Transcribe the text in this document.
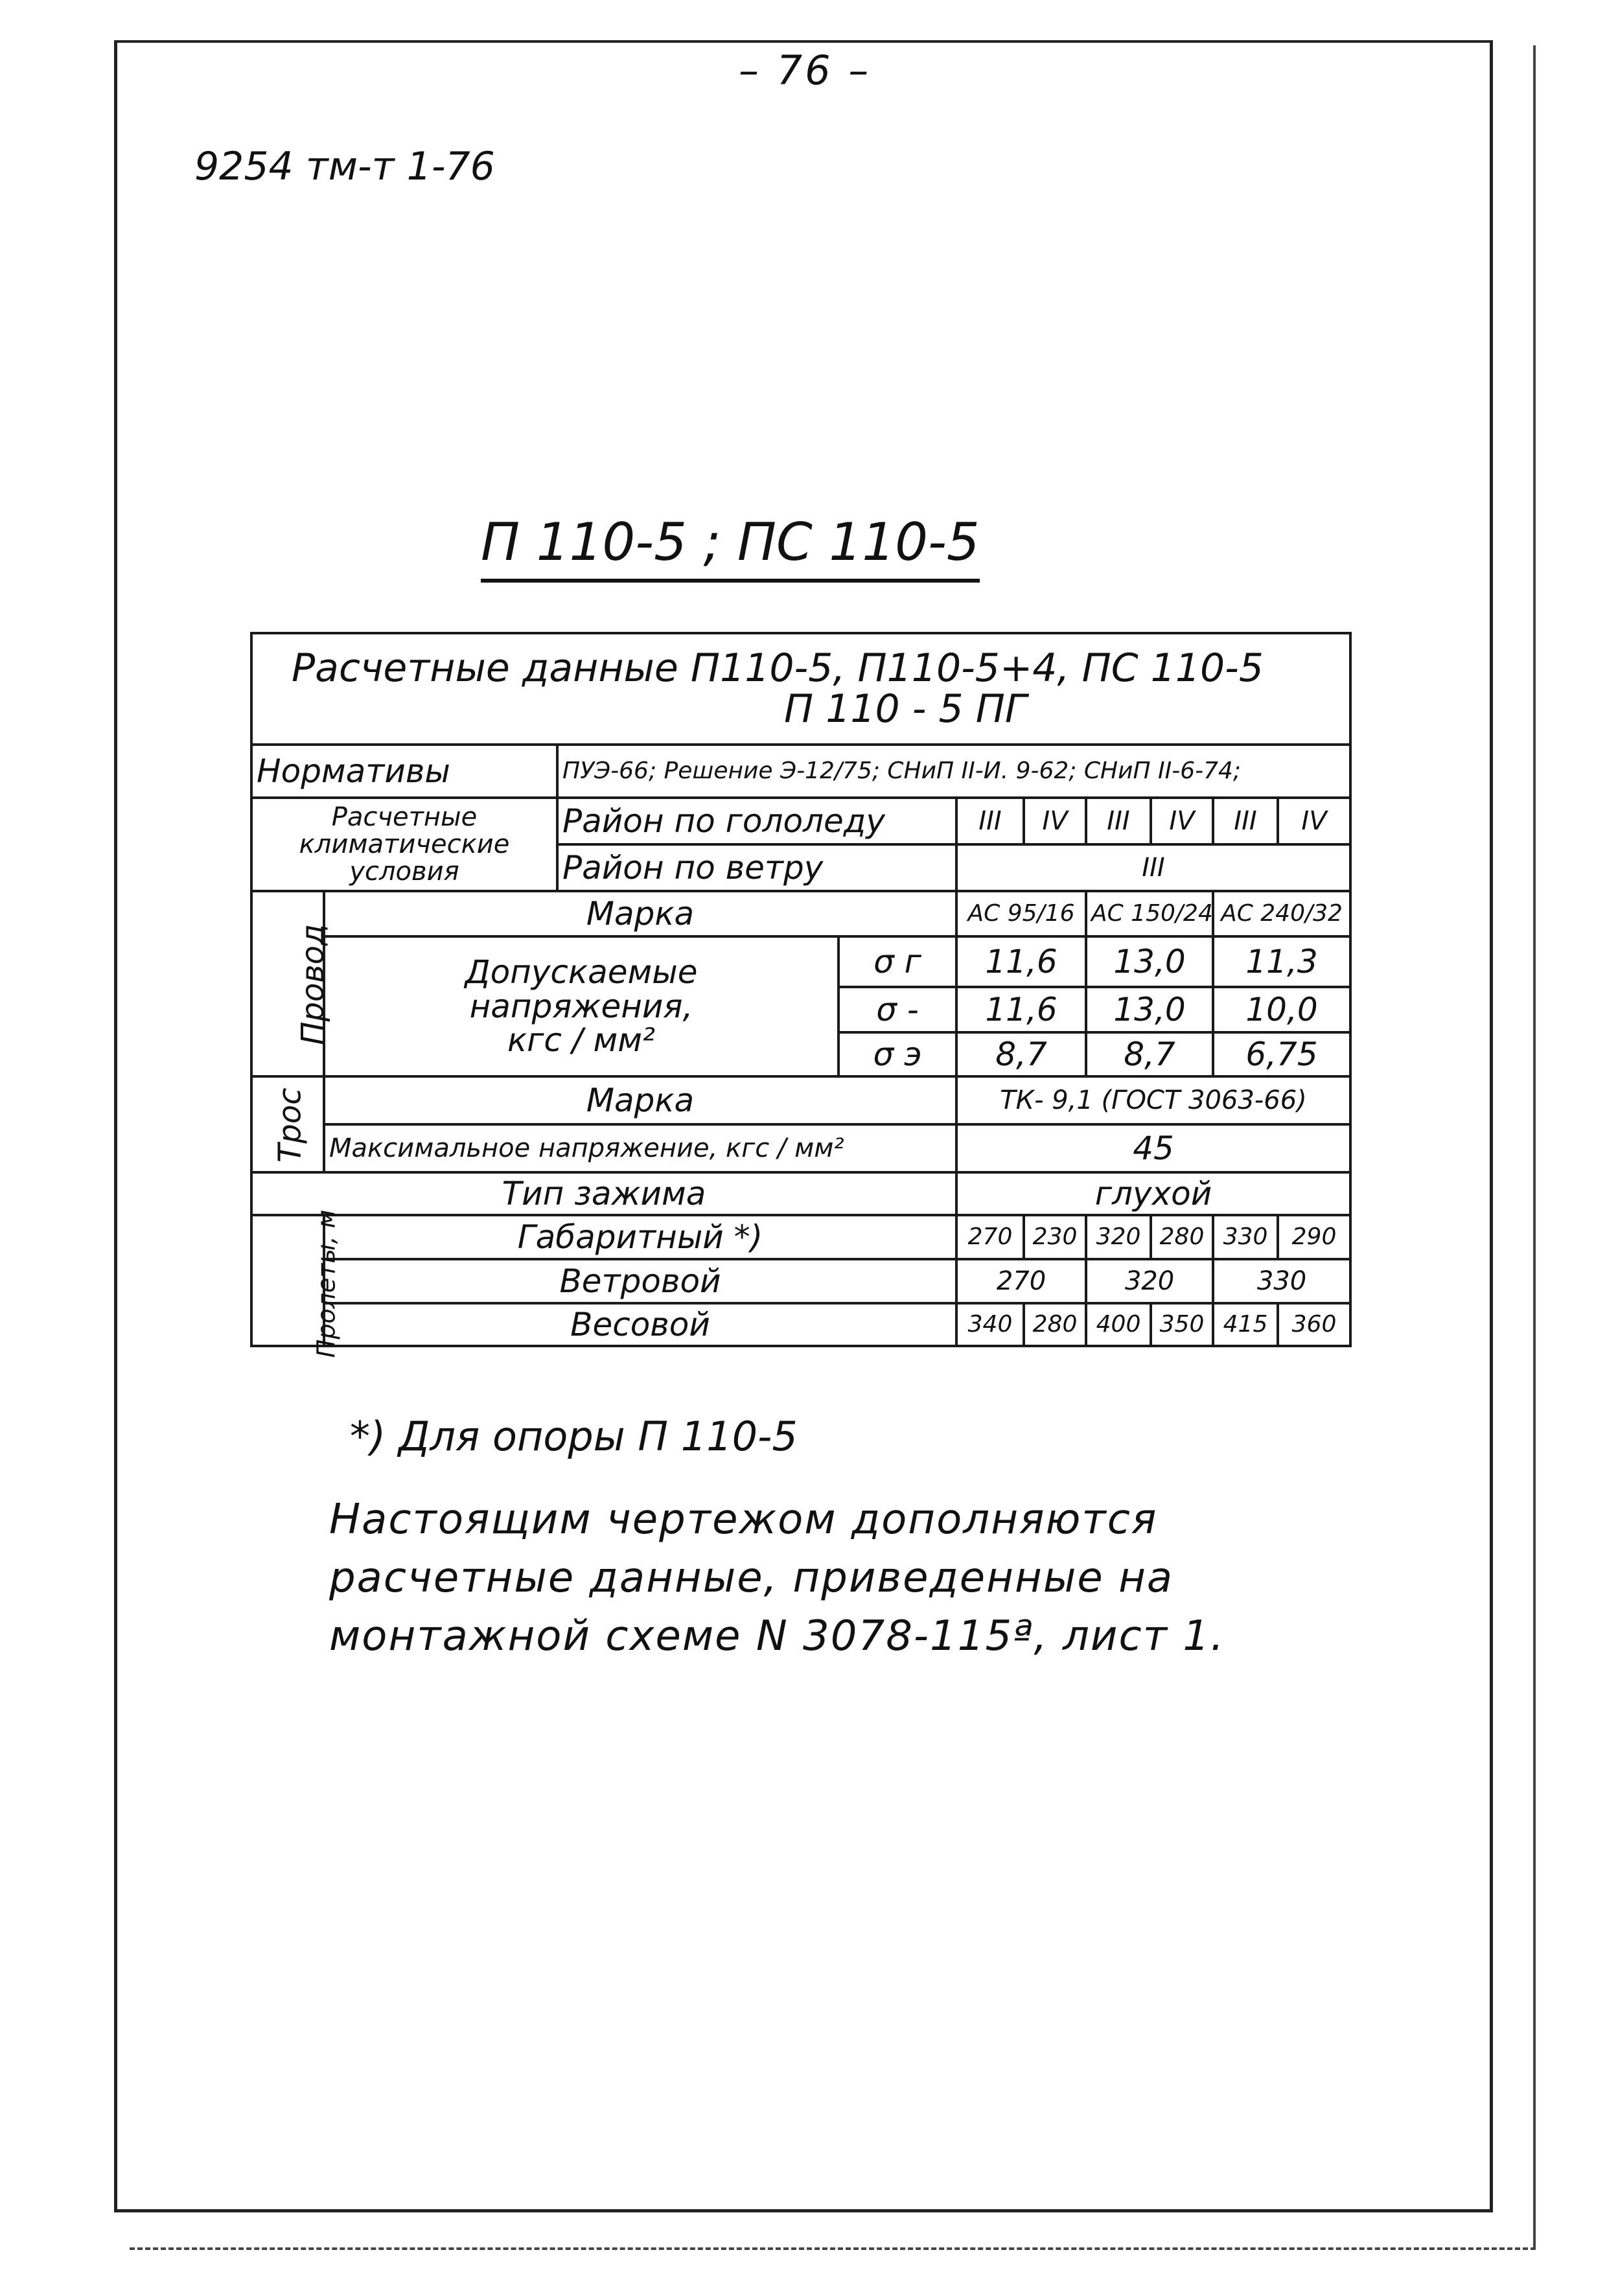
– 76 –
9254 тм-т 1-76
П 110-5 ; ПС 110-5
Расчетные данные П110-5, П110-5+4, ПС 110-5
П 110 - 5 ПГ									

Нормативы		ПУЭ-66; Решение Э-12/75; СНиП ІІ-И. 9-62; СНиП ІІ-6-74;							

Расчетные
климатические
условия		Район по гололеду		ІІІ	ІV	ІІІ	ІV	ІІІ	ІV
		Район по ветру		ІІІ					
Провод	Марка			АС 95/16		АС 150/24		АС 240/32	

	Допускаемые
напряжения,
кгс / мм²		σ г	11,6		13,0		11,3	
			σ -	11,6		13,0		10,0	
			σ э	8,7		8,7		6,75	
Трос	Марка			ТК- 9,1 (ГОСТ 3063-66)					
	Максимальное напряжение, кгс / мм²			45					
Тип зажима				глухой					
Пролеты, м	Габаритный *)			270	230	320	280	330	290
	Ветровой			270		320		330	
	Весовой			340	280	400	350	415	360
*) Для опоры П 110-5
Настоящим чертежом дополняются
расчетные данные, приведенные на
монтажной схеме N 3078-115ª, лист 1.
